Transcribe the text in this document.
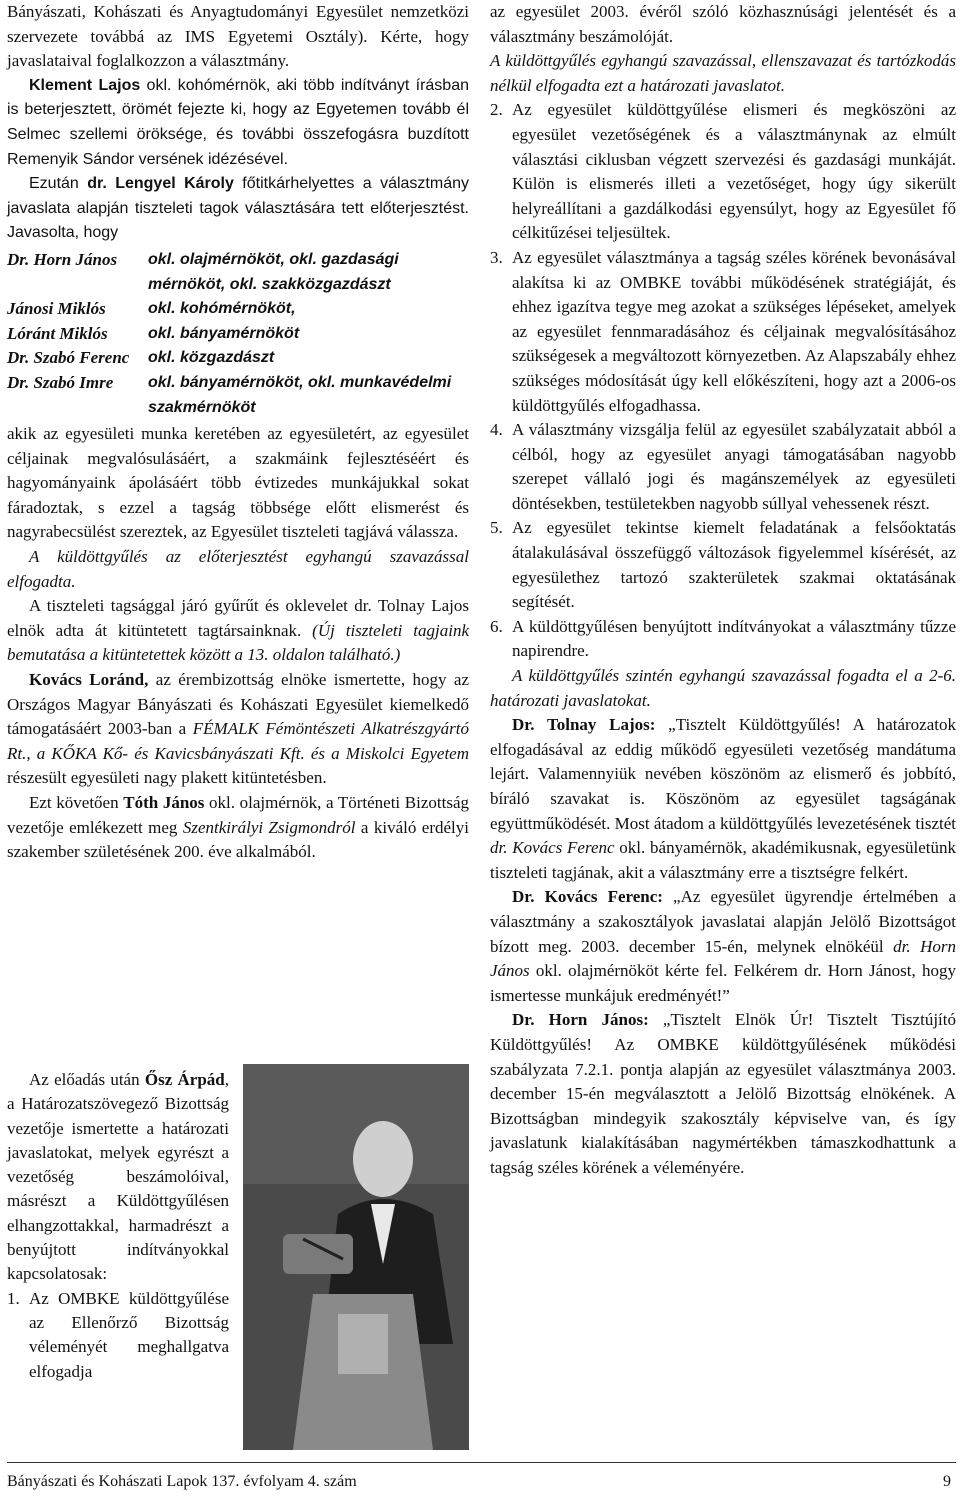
Bányászati, Kohászati és Anyagtudományi Egyesület nemzetközi szervezete továbbá az IMS Egyetemi Osztály). Kérte, hogy javaslataival foglalkozzon a választmány.

Klement Lajos okl. kohómérnök, aki több indítványt írásban is beterjesztett, örömét fejezte ki, hogy az Egyetemen tovább él Selmec szellemi öröksége, és további összefogásra buzdított Remenyik Sándor versének idézésével.

Ezután dr. Lengyel Károly főtitkárhelyettes a választmány javaslata alapján tiszteleti tagok választására tett előterjesztést. Javasolta, hogy

Dr. Horn János	okl. olajmérnököt, okl. gazdasági mérnököt, okl. szakközgazdászt
Jánosi Miklós	okl. kohómérnököt,
Lóránt Miklós	okl. bányamérnököt
Dr. Szabó Ferenc	okl. közgazdászt
Dr. Szabó Imre	okl. bányamérnököt, okl. munkavédelmi szakmérnököt

akik az egyesületi munka keretében az egyesületért, az egyesület céljainak megvalósulásáért, a szakmáink fejlesztéséért és hagyományaink ápolásáért több évtizedes munkájukkal sokat fáradoztak, s ezzel a tagság többsége előtt elismerést és nagyrabecsülést szereztek, az Egyesület tiszteleti tagjává válassza.

A küldöttgyűlés az előterjesztést egyhangú szavazással elfogadta.

A tiszteleti tagsággal járó gyűrűt és oklevelet dr. Tolnay Lajos elnök adta át kitüntetett tagtársainknak. (Új tiszteleti tagjaink bemutatása a kitüntetettek között a 13. oldalon található.)

Kovács Loránd, az érembizottság elnöke ismertette, hogy az Országos Magyar Bányászati és Kohászati Egyesület kiemelkedő támogatásáért 2003-ban a FÉMALK Fémöntészeti Alkatrészgyártó Rt., a KŐKA Kő- és Kavicsbányászati Kft. és a Miskolci Egyetem részesült egyesületi nagy plakett kitüntetésben.

Ezt követően Tóth János okl. olajmérnök, a Történeti Bizottság vezetője emlékezett meg Szentkirályi Zsigmondról a kiváló erdélyi szakember születésének 200. éve alkalmából.

Az előadás után Ősz Árpád, a Határozatszövegező Bizottság vezetője ismertette a határozati javaslatokat, melyek egyrészt a vezetőség beszámolóival, másrészt a Küldöttgyűlésen elhangzottakkal, harmadrészt a benyújtott indítványokkal kapcsolatosak:

1. Az OMBKE küldöttgyűlése az Ellenőrző Bizottság véleményét meghallgatva elfogadja

az egyesület 2003. évéről szóló közhasznúsági jelentését és a választmány beszámolóját.

A küldöttgyűlés egyhangú szavazással, ellenszavazat és tartózkodás nélkül elfogadta ezt a határozati javaslatot.

2. Az egyesület küldöttgyűlése elismeri és megköszöni az egyesület vezetőségének és a választmánynak az elmúlt választási ciklusban végzett szervezési és gazdasági munkáját. Külön is elismerés illeti a vezetőséget, hogy úgy sikerült helyreállítani a gazdálkodási egyensúlyt, hogy az Egyesület fő célkitűzései teljesültek.
3. Az egyesület választmánya a tagság széles körének bevonásával alakítsa ki az OMBKE további működésének stratégiáját, és ehhez igazítva tegye meg azokat a szükséges lépéseket, amelyek az egyesület fennmaradásához és céljainak megvalósításához szükségesek a megváltozott környezetben. Az Alapszabály ehhez szükséges módosítását úgy kell előkészíteni, hogy azt a 2006-os küldöttgyűlés elfogadhassa.
4. A választmány vizsgálja felül az egyesület szabályzatait abból a célból, hogy az egyesület anyagi támogatásában nagyobb szerepet vállaló jogi és magánszemélyek az egyesületi döntésekben, testületekben nagyobb súllyal vehessenek részt.
5. Az egyesület tekintse kiemelt feladatának a felsőoktatás átalakulásával összefüggő változások figyelemmel kísérését, az egyesülethez tartozó szakterületek szakmai oktatásának segítését.
6. A küldöttgyűlésen benyújtott indítványokat a választmány tűzze napirendre.

A küldöttgyűlés szintén egyhangú szavazással fogadta el a 2-6. határozati javaslatokat.

Dr. Tolnay Lajos: „Tisztelt Küldöttgyűlés! A határozatok elfogadásával az eddig működő egyesületi vezetőség mandátuma lejárt. Valamennyiük nevében köszönöm az elismerő és jobbító, bíráló szavakat is. Köszönöm az egyesület tagságának együttműködését. Most átadom a küldöttgyűlés levezetésének tisztét dr. Kovács Ferenc okl. bányamérnök, akadémikusnak, egyesületünk tiszteleti tagjának, akit a választmány erre a tisztségre felkért.

Dr. Kovács Ferenc: „Az egyesület ügyrendje értelmében a választmány a szakosztályok javaslatai alapján Jelölő Bizottságot bízott meg. 2003. december 15-én, melynek elnökéül dr. Horn János okl. olajmérnököt kérte fel. Felkérem dr. Horn Jánost, hogy ismertesse munkájuk eredményét!”

Dr. Horn János: „Tisztelt Elnök Úr! Tisztelt Tisztújító Küldöttgyűlés! Az OMBKE küldöttgyűlésének működési szabályzata 7.2.1. pontja alapján az egyesület választmánya 2003. december 15-én megválasztott a Jelölő Bizottság elnökének. A Bizottságban mindegyik szakosztály képviselve van, és így javaslatunk kialakításában nagymértékben támaszkodhattunk a tagság széles körének a véleményére.

Bányászati és Kohászati Lapok 137. évfolyam 4. szám	9
